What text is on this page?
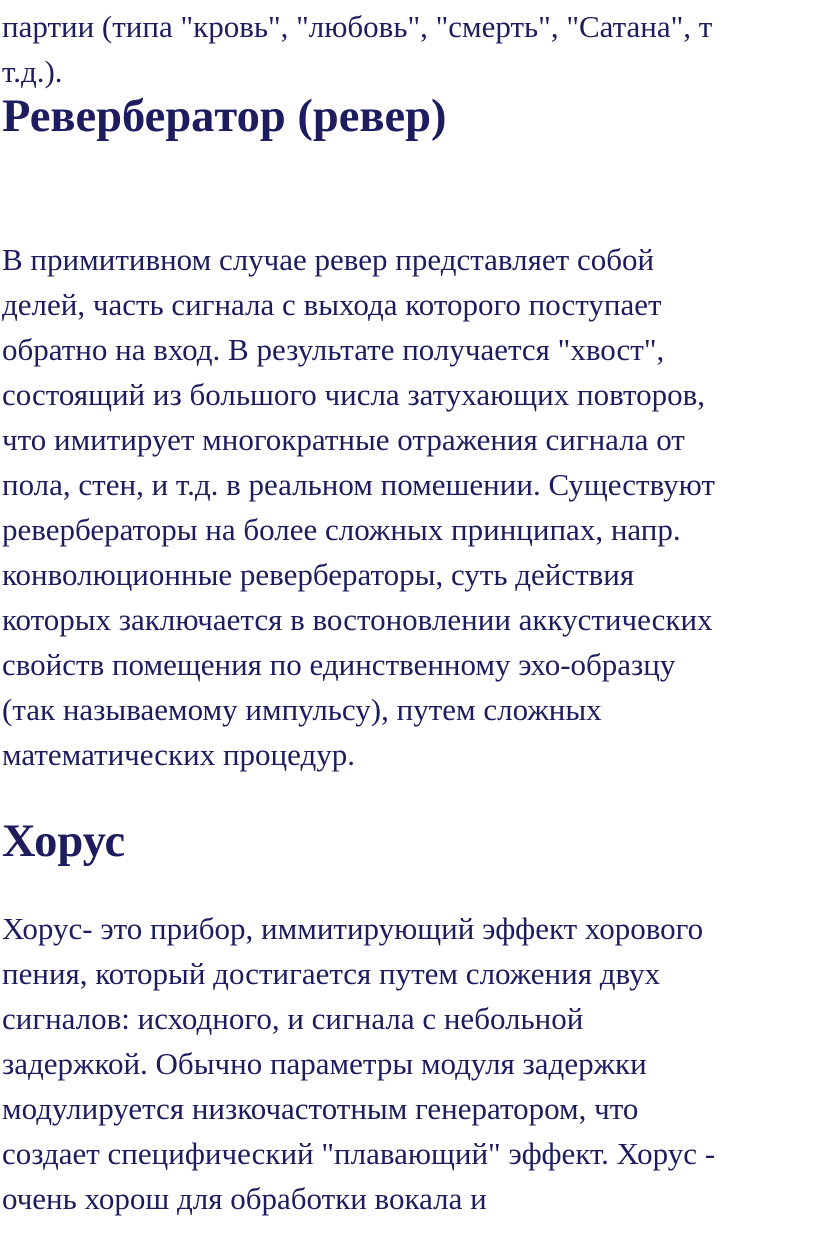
партии (типа "кровь", "любовь", "смерть", "Сатана", т
т.д.).

Реверберaтор (ревер)

В примитивном случае ревер представляет собой
делей, часть сигнала с выхода которого поступает
обратно на вход. В результате получается "хвост",
состоящий из большого числа затухающих повторов,
что имитирует многократные отражения сигнала от
пола, стен, и т.д. в реальном помешении. Существуют
ревербераторы на более сложных принципах, напр.
конволюционные ревербераторы, суть действия
которых заключается в востоновлении аккустических
свойств помещения по единственному эхо-образцу
(так называемому импульсу), путем сложных
математических процедур.

Хорус

Хорус- это прибор, иммитирующий эффект хорового
пения, который достигается путем сложения двух
сигналов: исходного, и сигнала с небольной
задержкой. Обычно параметры модуля задержки
модулируется низкочастотным генератором, что
создает специфический "плавающий" эффект. Хорус -
очень хорош для обработки вокала и
